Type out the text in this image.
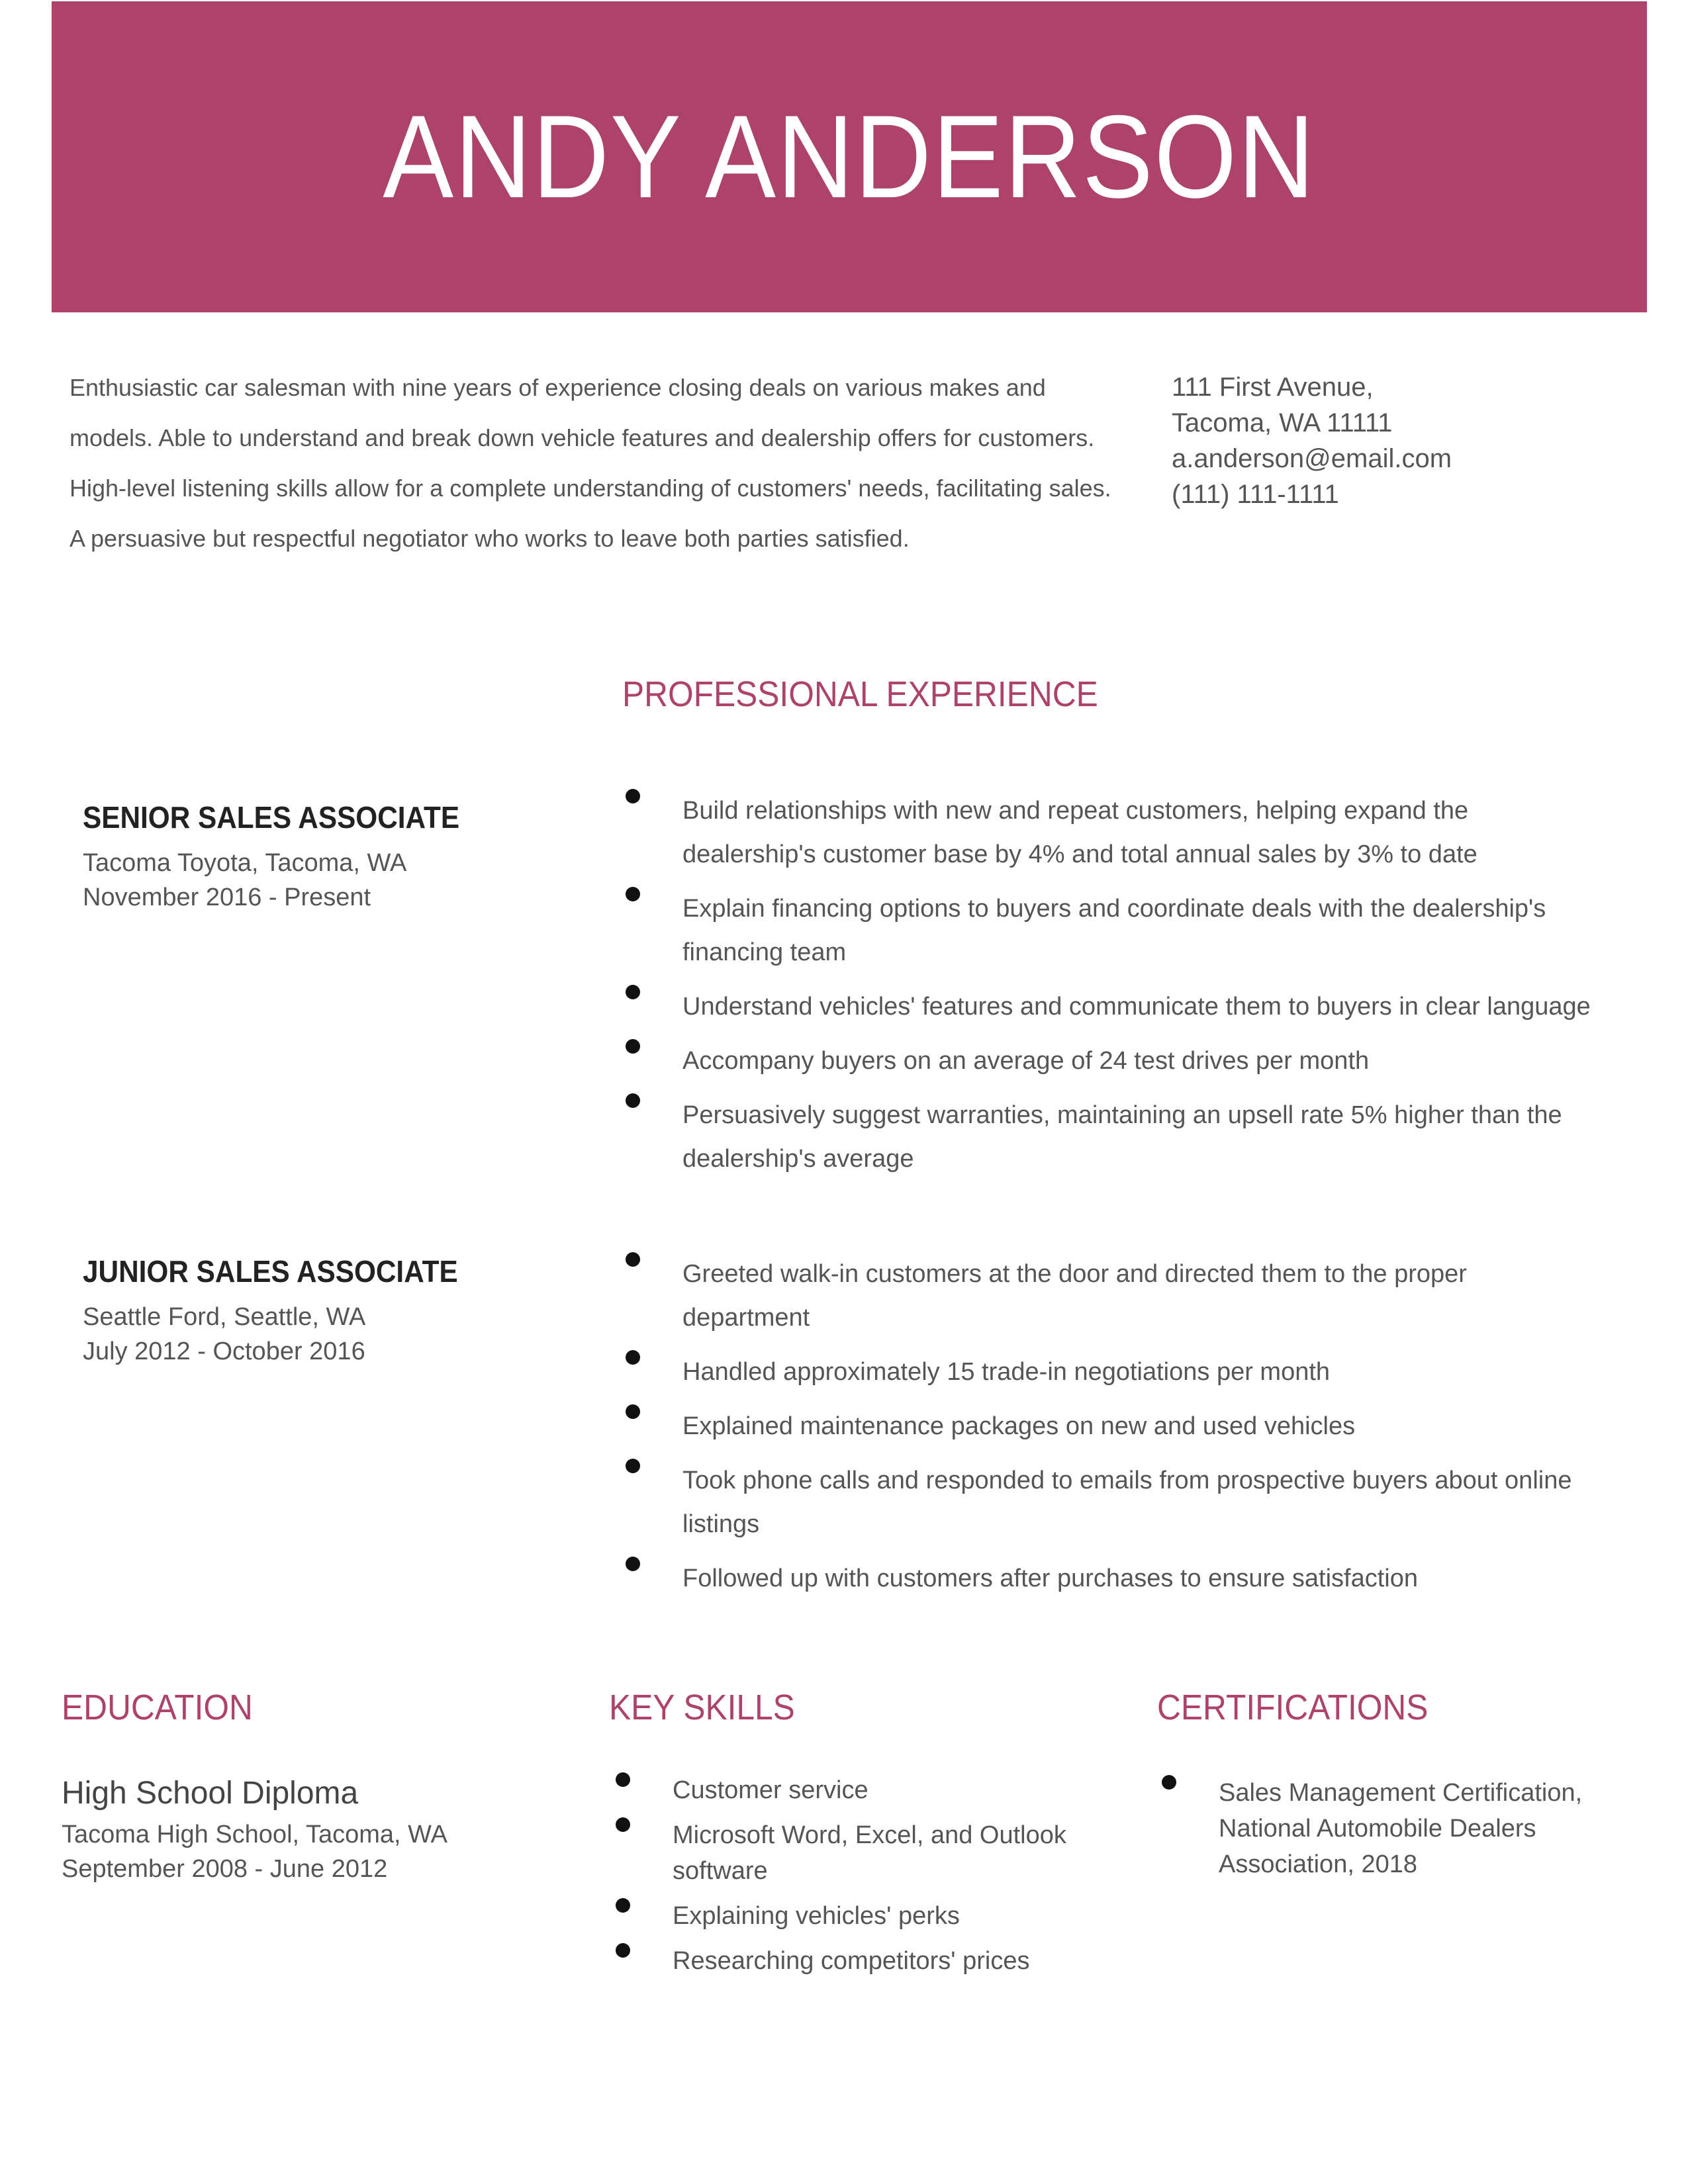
ANDY ANDERSON

Enthusiastic car salesman with nine years of experience closing deals on various makes and models. Able to understand and break down vehicle features and dealership offers for customers. High-level listening skills allow for a complete understanding of customers' needs, facilitating sales. A persuasive but respectful negotiator who works to leave both parties satisfied.

111 First Avenue,
Tacoma, WA 11111
a.anderson@email.com
(111) 111-1111
PROFESSIONAL EXPERIENCE
SENIOR SALES ASSOCIATE
Tacoma Toyota, Tacoma, WA
November 2016 - Present
Build relationships with new and repeat customers, helping expand the dealership's customer base by 4% and total annual sales by 3% to date
Explain financing options to buyers and coordinate deals with the dealership's financing team
Understand vehicles' features and communicate them to buyers in clear language
Accompany buyers on an average of 24 test drives per month
Persuasively suggest warranties, maintaining an upsell rate 5% higher than the dealership's average
JUNIOR SALES ASSOCIATE
Seattle Ford, Seattle, WA
July 2012 - October 2016
Greeted walk-in customers at the door and directed them to the proper department
Handled approximately 15 trade-in negotiations per month
Explained maintenance packages on new and used vehicles
Took phone calls and responded to emails from prospective buyers about online listings
Followed up with customers after purchases to ensure satisfaction
EDUCATION
High School Diploma
Tacoma High School, Tacoma, WA
September 2008 - June 2012
KEY SKILLS
Customer service
Microsoft Word, Excel, and Outlook software
Explaining vehicles' perks
Researching competitors' prices
CERTIFICATIONS
Sales Management Certification, National Automobile Dealers Association, 2018
